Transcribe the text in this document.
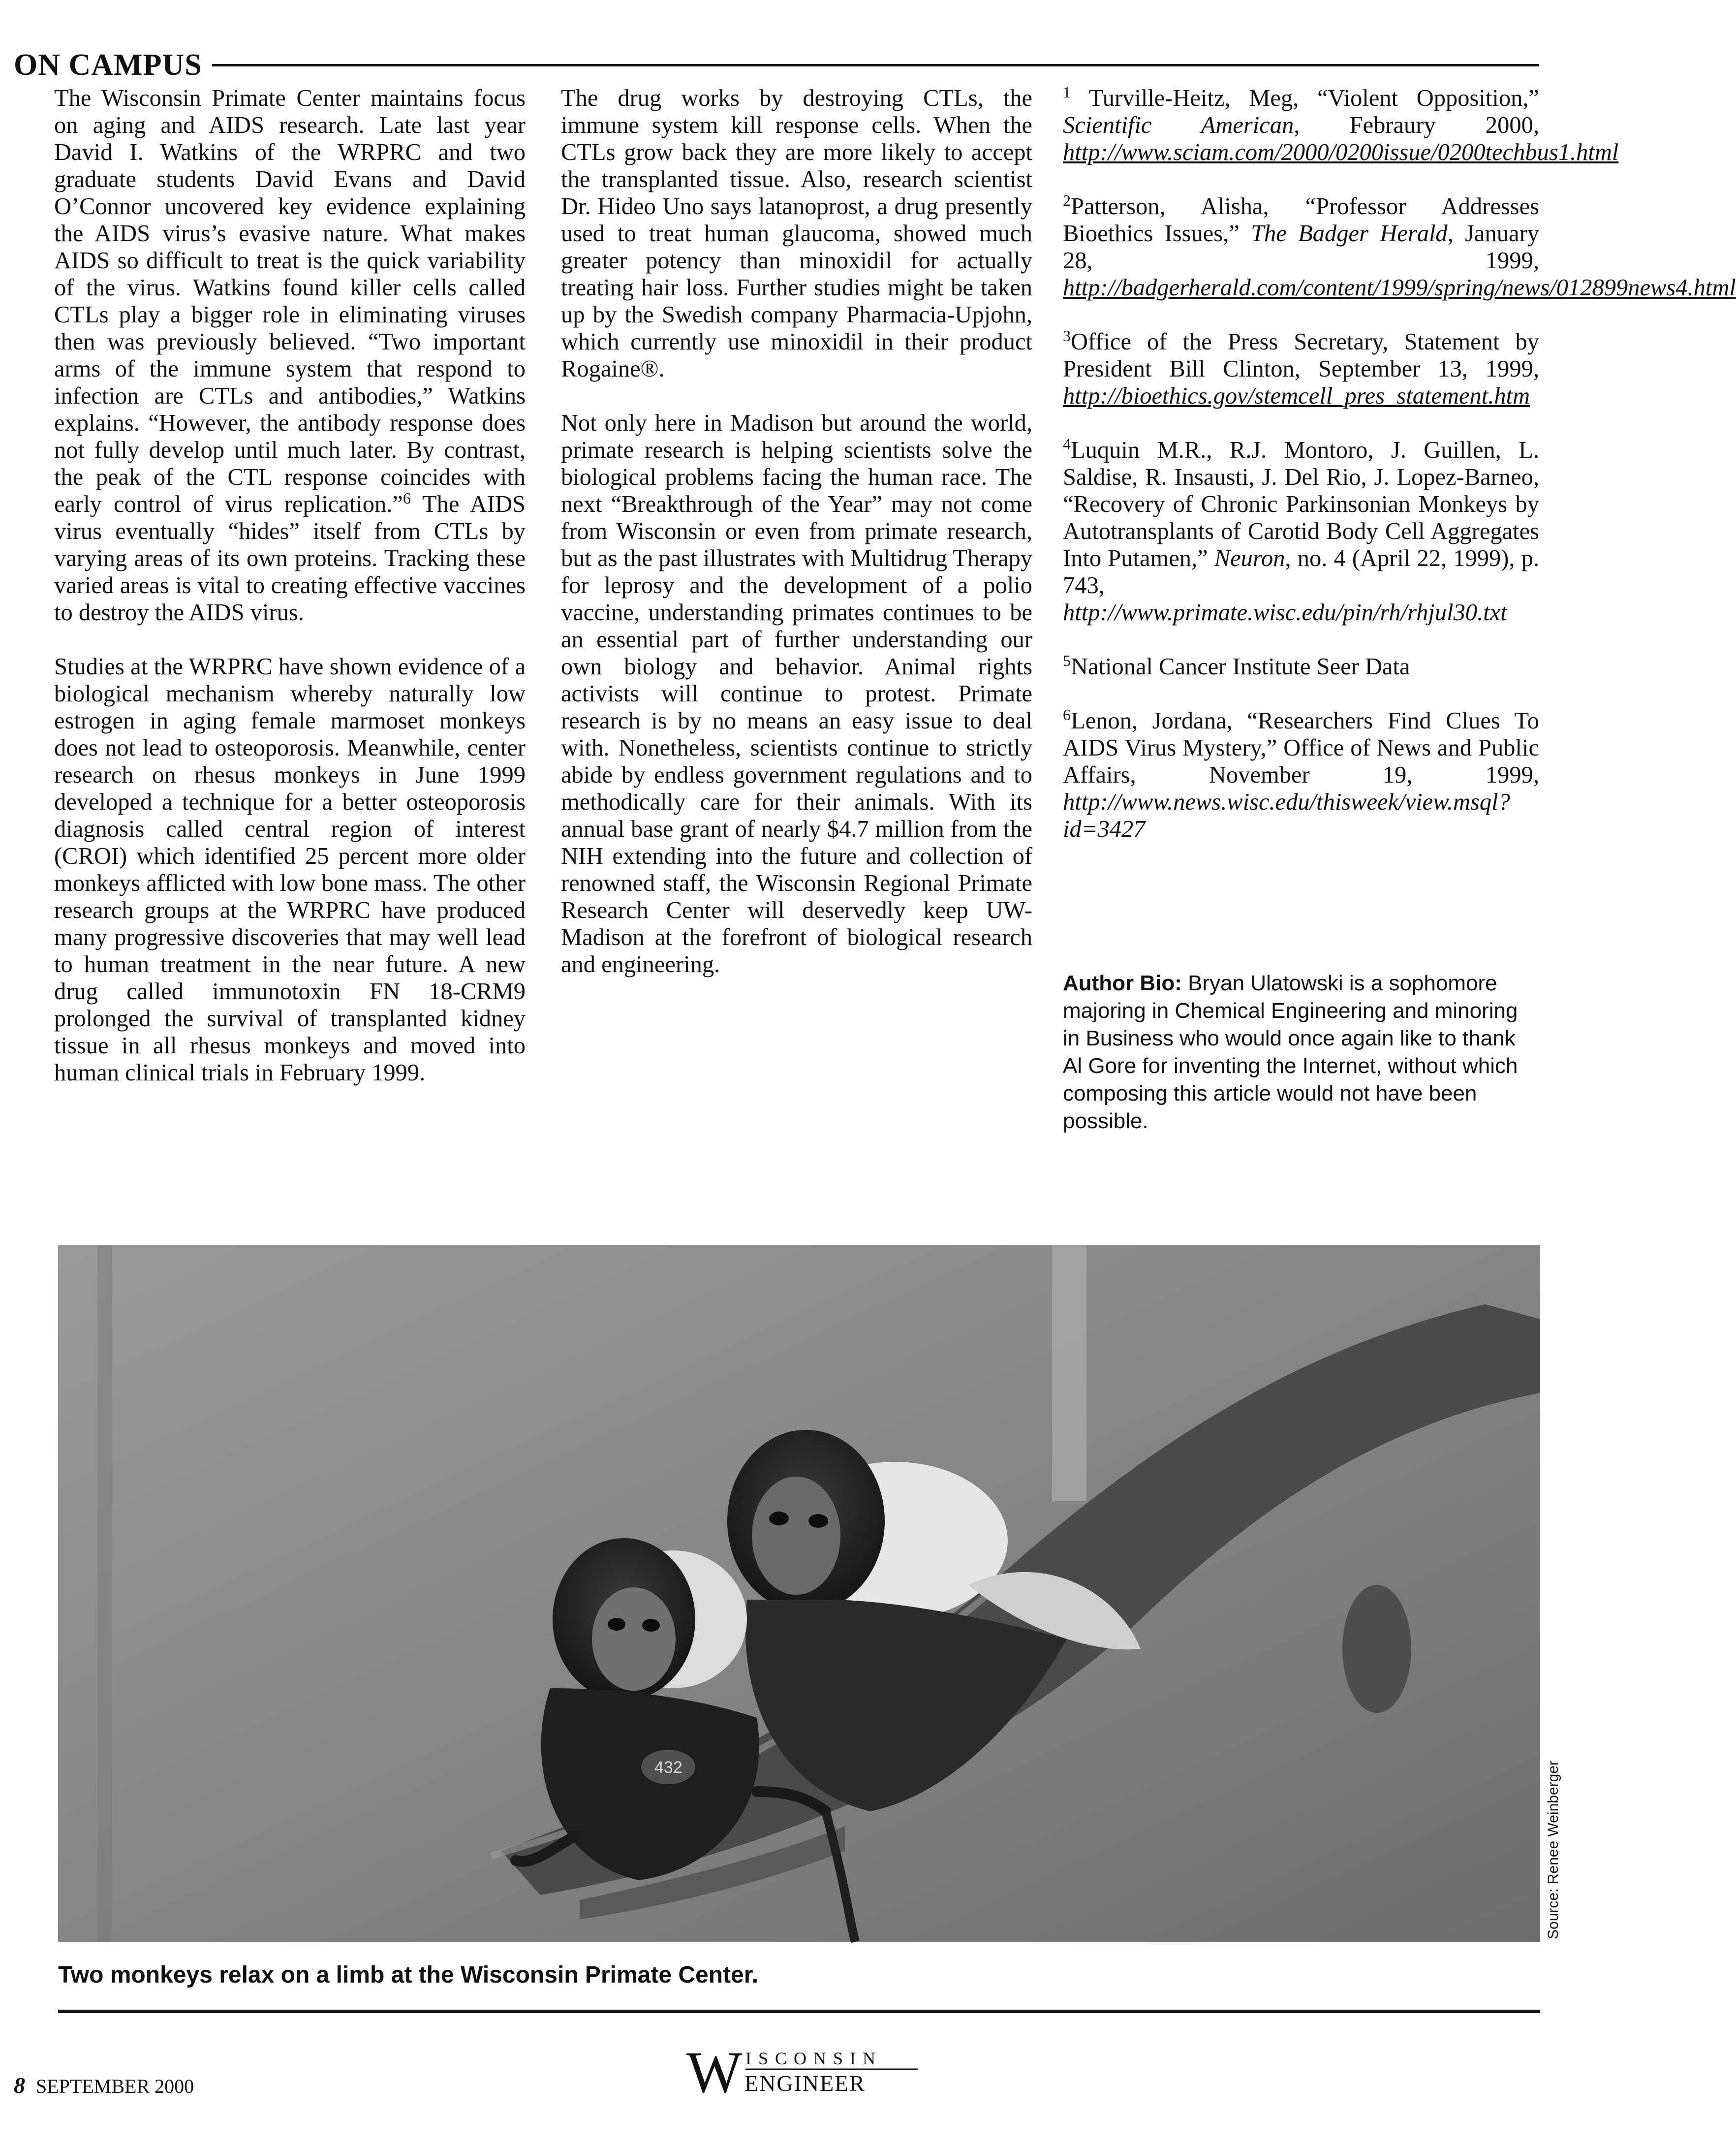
ON CAMPUS

The Wisconsin Primate Center maintains focus on aging and AIDS research. Late last year David I. Watkins of the WRPRC and two graduate students David Evans and David O’Connor uncovered key evidence explaining the AIDS virus’s evasive nature. What makes AIDS so difficult to treat is the quick variability of the virus. Watkins found killer cells called CTLs play a bigger role in eliminating viruses then was previously believed. “Two important arms of the immune system that respond to infection are CTLs and antibodies,” Watkins explains. “However, the antibody response does not fully develop until much later. By contrast, the peak of the CTL response coincides with early control of virus replication.”$^6$ The AIDS virus eventually “hides” itself from CTLs by varying areas of its own proteins. Tracking these varied areas is vital to creating effective vaccines to destroy the AIDS virus.

Studies at the WRPRC have shown evidence of a biological mechanism whereby naturally low estrogen in aging female marmoset monkeys does not lead to osteoporosis. Meanwhile, center research on rhesus monkeys in June 1999 developed a technique for a better osteoporosis diagnosis called central region of interest (CROI) which identified 25 percent more older monkeys afflicted with low bone mass. The other research groups at the WRPRC have produced many progressive discoveries that may well lead to human treatment in the near future. A new drug called immunotoxin FN 18-CRM9 prolonged the survival of transplanted kidney tissue in all rhesus monkeys and moved into human clinical trials in February 1999.

The drug works by destroying CTLs, the immune system kill response cells. When the CTLs grow back they are more likely to accept the transplanted tissue. Also, research scientist Dr. Hideo Uno says latanoprost, a drug presently used to treat human glaucoma, showed much greater potency than minoxidil for actually treating hair loss. Further studies might be taken up by the Swedish company Pharmacia-Upjohn, which currently use minoxidil in their product Rogaine®.

Not only here in Madison but around the world, primate research is helping scientists solve the biological problems facing the human race. The next “Breakthrough of the Year” may not come from Wisconsin or even from primate research, but as the past illustrates with Multidrug Therapy for leprosy and the development of a polio vaccine, understanding primates continues to be an essential part of further understanding our own biology and behavior. Animal rights activists will continue to protest. Primate research is by no means an easy issue to deal with. Nonetheless, scientists continue to strictly abide by endless government regulations and to methodically care for their animals. With its annual base grant of nearly $4.7 million from the NIH extending into the future and collection of renowned staff, the Wisconsin Regional Primate Research Center will deservedly keep UW-Madison at the forefront of biological research and engineering.

$^1$ Turville-Heitz, Meg, “Violent Opposition,” Scientific American, Febraury 2000, http://www.sciam.com/2000/0200issue/0200techbus1.html
$^2$Patterson, Alisha, “Professor Addresses Bioethics Issues,” The Badger Herald, January 28, 1999, http://badgerherald.com/content/1999/spring/news/012899news4.html
$^3$Office of the Press Secretary, Statement by President Bill Clinton, September 13, 1999, http://bioethics.gov/stemcell_pres_statement.htm
$^4$Luquin M.R., R.J. Montoro, J. Guillen, L. Saldise, R. Insausti, J. Del Rio, J. Lopez-Barneo, “Recovery of Chronic Parkinsonian Monkeys by Autotransplants of Carotid Body Cell Aggregates Into Putamen,” Neuron, no. 4 (April 22, 1999), p. 743, http://www.primate.wisc.edu/pin/rh/rhjul30.txt
$^5$National Cancer Institute Seer Data
$^6$Lenon, Jordana, “Researchers Find Clues To AIDS Virus Mystery,” Office of News and Public Affairs, November 19, 1999, http://www.news.wisc.edu/thisweek/view.msql?id=3427
Author Bio: Bryan Ulatowski is a sophomore majoring in Chemical Engineering and minoring in Business who would once again like to thank Al Gore for inventing the Internet, without which composing this article would not have been possible.
432	Source: Renee Weinberger
Two monkeys relax on a limb at the Wisconsin Primate Center.
8 SEPTEMBER 2000	W ISCONSIN
ENGINEER
